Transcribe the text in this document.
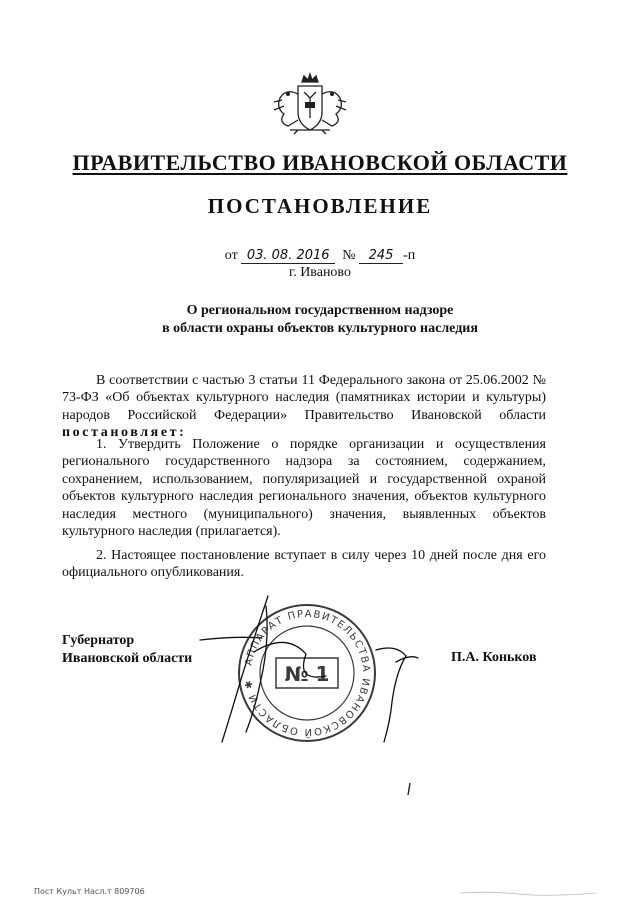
ПРАВИТЕЛЬСТВО ИВАНОВСКОЙ ОБЛАСТИ
ПОСТАНОВЛЕНИЕ
от 03. 08. 2016 № 245 -п
г. Иваново
О региональном государственном надзоре
в области охраны объектов культурного наследия
В соответствии с частью 3 статьи 11 Федерального закона от 25.06.2002 № 73-ФЗ «Об объектах культурного наследия (памятниках истории и культуры) народов Российской Федерации» Правительство Ивановской области постановляет:
1. Утвердить Положение о порядке организации и осуществления регионального государственного надзора за состоянием, содержанием, сохранением, использованием, популяризацией и государственной охраной объектов культурного наследия регионального значения, объектов культурного наследия местного (муниципального) значения, выявленных объектов культурного наследия (прилагается).
2. Настоящее постановление вступает в силу через 10 дней после дня его официального опубликования.
Губернатор
Ивановской области	П.А. Коньков
АППАРАТ ПРАВИТЕЛЬСТВА ИВАНОВСКОЙ ОБЛАСТИ ✱	№ 1
Пост Культ Насл.т 809706
